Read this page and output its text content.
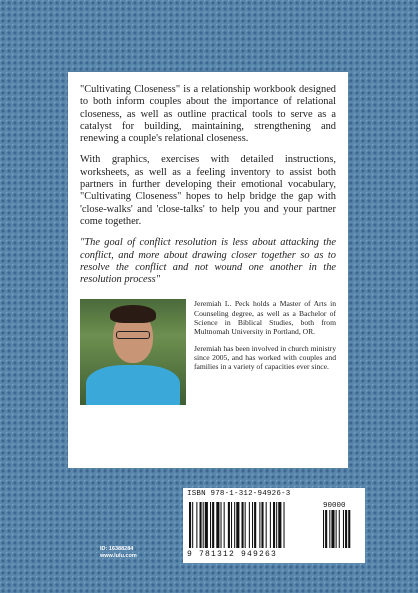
"Cultivating Closeness" is a relationship workbook designed to both inform couples about the importance of relational closeness, as well as outline practical tools to serve as a catalyst for building, maintaining, strengthening and renewing a couple's relational closeness.

With graphics, exercises with detailed instructions, worksheets, as well as a feeling inventory to assist both partners in further developing their emotional vocabulary, "Cultivating Closeness" hopes to help bridge the gap with 'close-walks' and 'close-talks' to help you and your partner come together.

"The goal of conflict resolution is less about attacking the conflict, and more about drawing closer together so as to resolve the conflict and not wound one another in the resolution process"

Jeremiah L. Peck holds a Master of Arts in Counseling degree, as well as a Bachelor of Science in Biblical Studies, both from Multnomah University in Portland, OR.

Jeremiah has been involved in church ministry since 2005, and has worked with couples and families in a variety of capacities ever since.

ISBN 978-1-312-94926-3
90000
9 781312 949263
ID: 16388284
www.lulu.com
